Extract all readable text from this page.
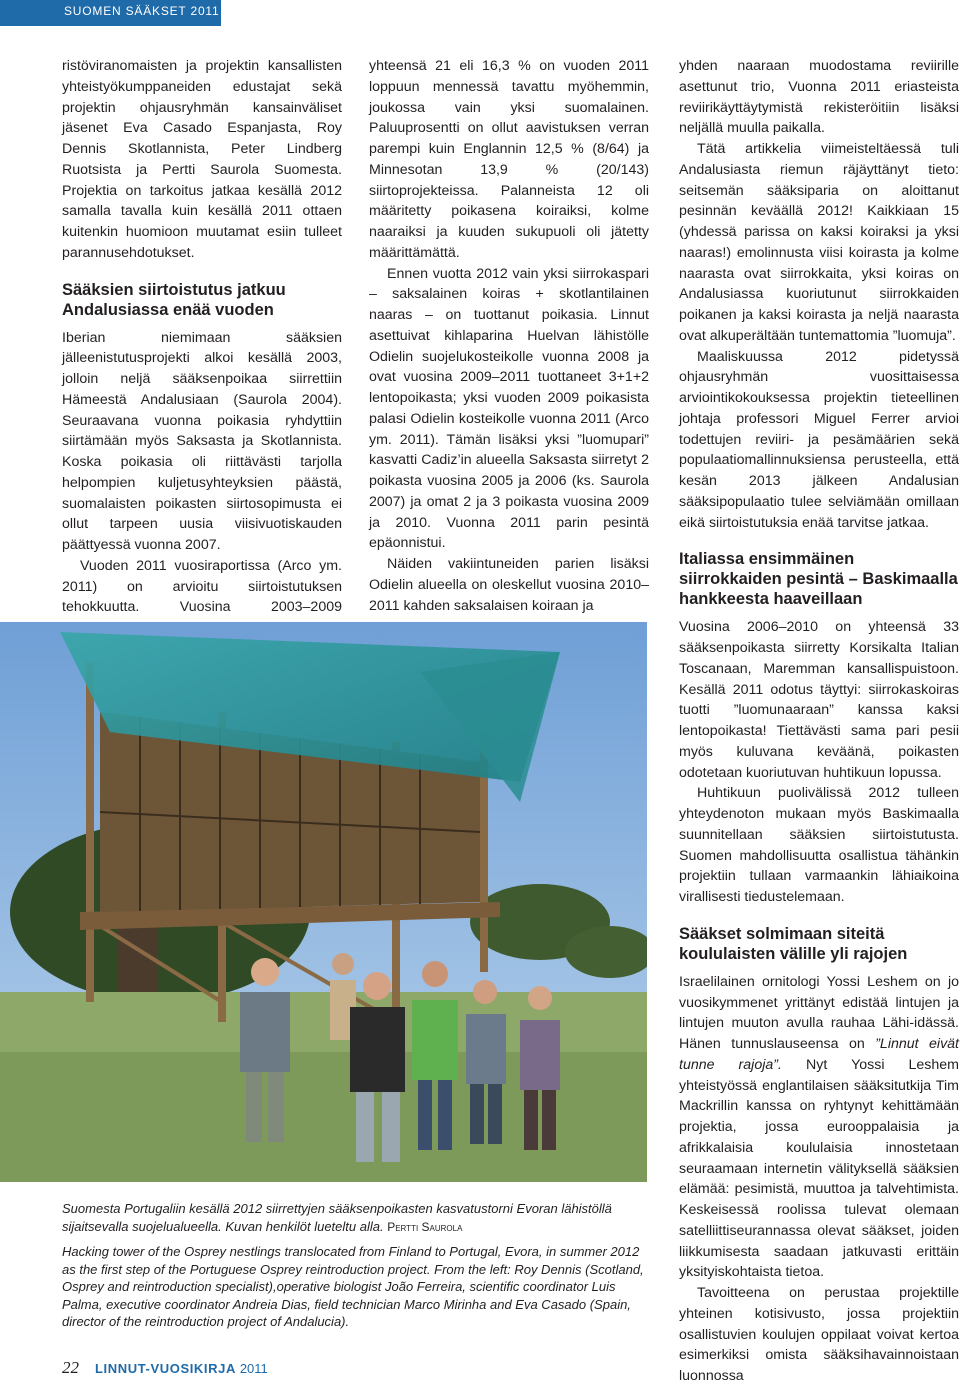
SUOMEN SÄÄKSET 2011

ristöviranomaisten ja projektin kansallisten yhteistyökumppaneiden edustajat sekä projektin ohjausryhmän kansainväliset jäsenet Eva Casado Espanjasta, Roy Dennis Skotlannista, Peter Lindberg Ruotsista ja Pertti Saurola Suomesta. Projektia on tarkoitus jatkaa kesällä 2012 samalla tavalla kuin kesällä 2011 ottaen kuitenkin huomioon muutamat esiin tulleet parannusehdotukset.

Sääksien siirtoistutus jatkuu Andalusiassa enää vuoden

Iberian niemimaan sääksien jälleenistutusprojekti alkoi kesällä 2003, jolloin neljä sääksenpoikaa siirrettiin Hämeestä Andalusiaan (Saurola 2004). Seuraavana vuonna poikasia ryhdyttiin siirtämään myös Saksasta ja Skotlannista. Koska poikasia oli riittävästi tarjolla helpompien kuljetusyhteyksien päästä, suomalaisten poikasten siirtosopimusta ei ollut tarpeen uusia viisivuotiskauden päättyessä vuonna 2007.

Vuoden 2011 vuosiraportissa (Arco ym. 2011) on arvioitu siirtoistutuksen tehokkuutta. Vuosina 2003–2009

yhteensä 21 eli 16,3 % on vuoden 2011 loppuun mennessä tavattu myöhemmin, joukossa vain yksi suomalainen. Paluuprosentti on ollut aavistuksen verran parempi kuin Englannin 12,5 % (8/64) ja Minnesotan 13,9 % (20/143) siirtoprojekteissa. Palanneista 12 oli määritetty poikasena koiraiksi, kolme naaraiksi ja kuuden sukupuoli oli jätetty määrittämättä.

Ennen vuotta 2012 vain yksi siirrokaspari – saksalainen koiras + skotlantilainen naaras – on tuottanut poikasia. Linnut asettuivat kihlaparina Huelvan lähistölle Odielin suojelukosteikolle vuonna 2008 ja ovat vuosina 2009–2011 tuottaneet 3+1+2 lentopoikasta; yksi vuoden 2009 poikasista palasi Odielin kosteikolle vuonna 2011 (Arco ym. 2011). Tämän lisäksi yksi ”luomupari” kasvatti Cadiz’in alueella Saksasta siirretyt 2 poikasta vuosina 2005 ja 2006 (ks. Saurola 2007) ja omat 2 ja 3 poikasta vuosina 2009 ja 2010. Vuonna 2011 parin pesintä epäonnistui.

Näiden vakiintuneiden parien lisäksi Odielin alueella on oleskellut vuosina 2010–2011 kahden saksalaisen koiraan ja

yhden naaraan muodostama reviirille asettunut trio, Vuonna 2011 eriasteista reviirikäyttäytymistä rekisteröitiin lisäksi neljällä muulla paikalla.

Tätä artikkelia viimeisteltäessä tuli Andalusiasta riemun räjäyttänyt tieto: seitsemän sääksiparia on aloittanut pesinnän keväällä 2012! Kaikkiaan 15 (yhdessä parissa on kaksi koiraksi ja yksi naaras!) emolinnusta viisi koirasta ja kolme naarasta ovat siirrokkaita, yksi koiras on Andalusiassa kuoriutunut siirrokkaiden poikanen ja kaksi koirasta ja neljä naarasta ovat alkuperältään tuntemattomia ”luomuja”.

Maaliskuussa 2012 pidetyssä ohjausryhmän vuosittaisessa arviointikokouksessa projektin tieteellinen johtaja professori Miguel Ferrer arvioi todettujen reviiri- ja pesämäärien sekä populaatiomallinnuksiensa perusteella, että kesän 2013 jälkeen Andalusian sääksipopulaatio tulee selviämään omillaan eikä siirtoistutuksia enää tarvitse jatkaa.

Italiassa ensimmäinen siirrokkaiden pesintä – Baskimaalla hankkeesta haaveillaan

Vuosina 2006–2010 on yhteensä 33 sääksenpoikasta siirretty Korsikalta Italian Toscanaan, Maremman kansallispuistoon. Kesällä 2011 odotus täyttyi: siirrokaskoiras tuotti ”luomunaaraan” kanssa kaksi lentopoikasta! Tiettävästi sama pari pesii myös kuluvana keväänä, poikasten odotetaan kuoriutuvan huhtikuun lopussa.

Huhtikuun puolivälissä 2012 tulleen yhteydenoton mukaan myös Baskimaalla suunnitellaan sääksien siirtoistutusta. Suomen mahdollisuutta osallistua tähänkin projektiin tullaan varmaankin lähiaikoina virallisesti tiedustelemaan.

Sääkset solmimaan siteitä koululaisten välille yli rajojen

Israelilainen ornitologi Yossi Leshem on jo vuosikymmenet yrittänyt edistää lintujen ja lintujen muuton avulla rauhaa Lähi-idässä. Hänen tunnuslauseensa on ”Linnut eivät tunne rajoja”. Nyt Yossi Leshem yhteistyössä englantilaisen sääksitutkija Tim Mackrillin kanssa on ryhtynyt kehittämään projektia, jossa eurooppalaisia ja afrikkalaisia koululaisia innostetaan seuraamaan internetin välityksellä sääksien elämää: pesimistä, muuttoa ja talvehtimista. Keskeisessä roolissa tulevat olemaan satelliittiseurannassa olevat sääkset, joiden liikkumisesta saadaan jatkuvasti erittäin yksityiskohtaista tietoa.

Tavoitteena on perustaa projektille yhteinen kotisivusto, jossa projektiin osallistuvien koulujen oppilaat voivat kertoa esimerkiksi omista sääksihavainnoistaan luonnossa

Suomesta Portugaliin kesällä 2012 siirrettyjen sääksenpoikasten kasvatustorni Evoran lähistöllä sijaitsevalla suojelualueella. Kuvan henkilöt lueteltu alla. Pertti Saurola
Hacking tower of the Osprey nestlings translocated from Finland to Portugal, Evora, in summer 2012 as the first step of the Portuguese Osprey reintroduction project. From the left: Roy Dennis (Scotland, Osprey and reintroduction specialist),operative biologist João Ferreira, scientific coordinator Luis Palma, executive coordinator Andreia Dias, field technician Marco Mirinha and Eva Casado (Spain, director of the reintroduction project of Andalucia).
22 LINNUT-VUOSIKIRJA 2011
